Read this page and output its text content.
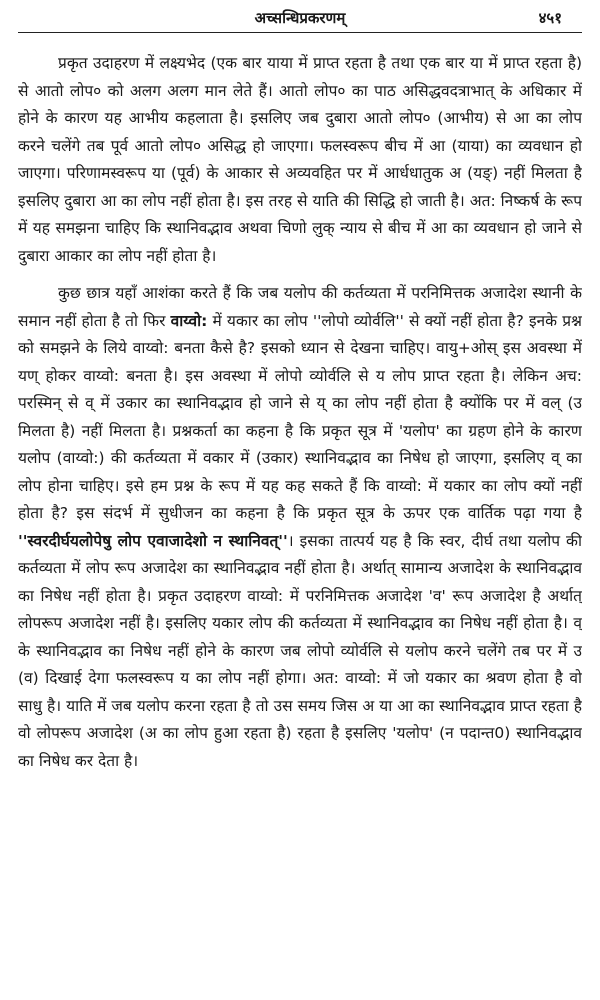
अच्सन्धिप्रकरणम्	४५१

प्रकृत उदाहरण में लक्ष्यभेद (एक बार याया में प्राप्त रहता है तथा एक बार या में प्राप्त रहता है) से आतो लोप० को अलग अलग मान लेते हैं। आतो लोप० का पाठ असिद्धवदत्राभात् के अधिकार में होने के कारण यह आभीय कहलाता है। इसलिए जब दुबारा आतो लोप० (आभीय) से आ का लोप करने चलेंगे तब पूर्व आतो लोप० असिद्ध हो जाएगा। फलस्वरूप बीच में आ (याया) का व्यवधान हो जाएगा। परिणामस्वरूप या (पूर्व) के आकार से अव्यवहित पर में आर्धधातुक अ (यङ्) नहीं मिलता है इसलिए दुबारा आ का लोप नहीं होता है। इस तरह से याति की सिद्धि हो जाती है। अत: निष्कर्ष के रूप में यह समझना चाहिए कि स्थानिवद्भाव अथवा चिणो लुक् न्याय से बीच में आ का व्यवधान हो जाने से दुबारा आकार का लोप नहीं होता है।

कुछ छात्र यहाँ आशंका करते हैं कि जब यलोप की कर्तव्यता में परनिमित्तक अजादेश स्थानी के समान नहीं होता है तो फिर वाय्वो: में यकार का लोप ''लोपो व्योर्वलि'' से क्यों नहीं होता है? इनके प्रश्न को समझने के लिये वाय्वो: बनता कैसे है? इसको ध्यान से देखना चाहिए। वायु+ओस् इस अवस्था में यण् होकर वाय्वो: बनता है। इस अवस्था में लोपो व्योर्वलि से य लोप प्राप्त रहता है। लेकिन अच: परस्मिन् से व् में उकार का स्थानिवद्भाव हो जाने से य् का लोप नहीं होता है क्योंकि पर में वल् (उ मिलता है) नहीं मिलता है। प्रश्नकर्ता का कहना है कि प्रकृत सूत्र में 'यलोप' का ग्रहण होने के कारण यलोप (वाय्वो:) की कर्तव्यता में वकार में (उकार) स्थानिवद्भाव का निषेध हो जाएगा, इसलिए व् का लोप होना चाहिए। इसे हम प्रश्न के रूप में यह कह सकते हैं कि वाय्वो: में यकार का लोप क्यों नहीं होता है? इस संदर्भ में सुधीजन का कहना है कि प्रकृत सूत्र के ऊपर एक वार्तिक पढ़ा गया है ''स्वरदीर्घयलोपेषु लोप एवाजादेशो न स्थानिवत्''। इसका तात्पर्य यह है कि स्वर, दीर्घ तथा यलोप की कर्तव्यता में लोप रूप अजादेश का स्थानिवद्भाव नहीं होता है। अर्थात् सामान्य अजादेश के स्थानिवद्भाव का निषेध नहीं होता है। प्रकृत उदाहरण वाय्वो: में परनिमित्तक अजादेश 'व' रूप अजादेश है अर्थात् लोपरूप अजादेश नहीं है। इसलिए यकार लोप की कर्तव्यता में स्थानिवद्भाव का निषेध नहीं होता है। व् के स्थानिवद्भाव का निषेध नहीं होने के कारण जब लोपो व्योर्वलि से यलोप करने चलेंगे तब पर में उ (व) दिखाई देगा फलस्वरूप य का लोप नहीं होगा। अत: वाय्वो: में जो यकार का श्रवण होता है वो साधु है। याति में जब यलोप करना रहता है तो उस समय जिस अ या आ का स्थानिवद्भाव प्राप्त रहता है वो लोपरूप अजादेश (अ का लोप हुआ रहता है) रहता है इसलिए 'यलोप' (न पदान्त0) स्थानिवद्भाव का निषेध कर देता है।
